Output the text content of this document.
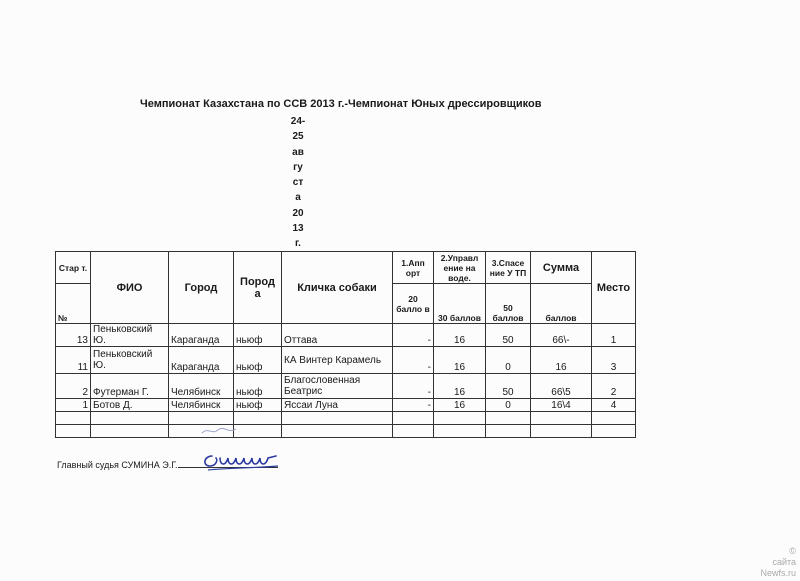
Чемпионат Казахстана по ССВ 2013 г.-Чемпионат Юных дрессировщиков
24-
25
ав
гу
ст
а
20
13
г.
Стар т.	ФИО	Город	Пород а	Кличка собаки	1.Апп орт	2.Управл ение на воде.	3.Спасе ние У ТП	Сумма	Место
№					20 балло в	30 баллов	50 баллов	баллов	
13	Пеньковский Ю.	Караганда	ньюф	Оттава	-	16	50	66\-	1
11	Пеньковский Ю.	Караганда	ньюф	КА Винтер Карамель	-	16	0	16	3
2	Футерман Г.	Челябинск	ньюф	Благословенная Беатрис	-	16	50	66\5	2
1	Ботов Д.	Челябинск	ньюф	Яссаи Луна	-	16	0	16\4	4

Главный судья СУМИНА Э.Г.
©
сайта
Newfs.ru
